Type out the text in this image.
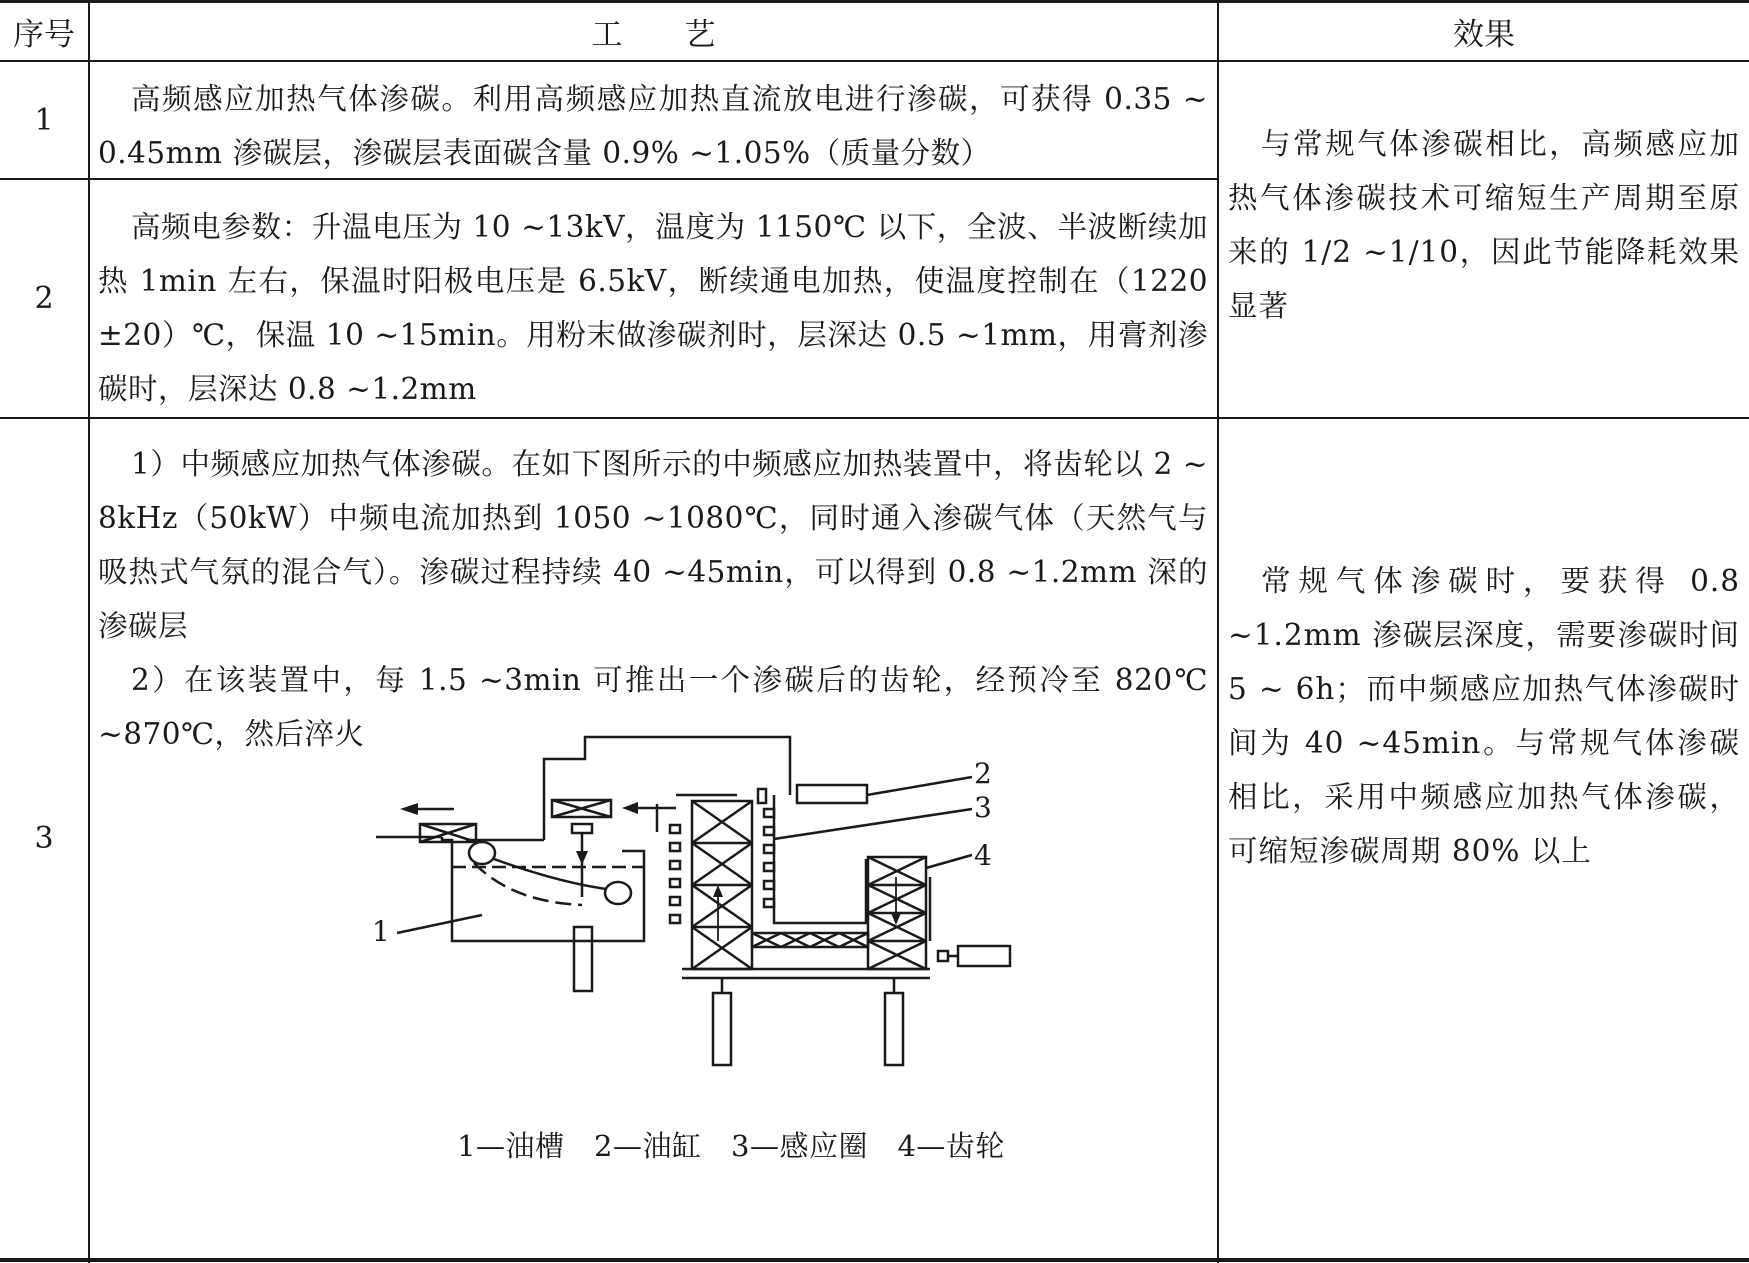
序号	工　　艺	效果
1

高频感应加热气体渗碳。利用高频感应加热直流放电进行渗碳，可获得 0.35 ~ 0.45mm 渗碳层，渗碳层表面碳含量 0.9% ~1.05%（质量分数）

2

高频电参数：升温电压为 10 ~13kV，温度为 1150℃ 以下，全波、半波断续加热 1min 左右，保温时阳极电压是 6.5kV，断续通电加热，使温度控制在（1220 ±20）℃，保温 10 ~15min。用粉末做渗碳剂时，层深达 0.5 ~1mm，用膏剂渗碳时，层深达 0.8 ~1.2mm

与常规气体渗碳相比，高频感应加热气体渗碳技术可缩短生产周期至原来的 1/2 ~1/10，因此节能降耗效果显著

3

1）中频感应加热气体渗碳。在如下图所示的中频感应加热装置中，将齿轮以 2 ~ 8kHz（50kW）中频电流加热到 1050 ~1080℃，同时通入渗碳气体（天然气与吸热式气氛的混合气）。渗碳过程持续 40 ~45min，可以得到 0.8 ~1.2mm 深的渗碳层

2）在该装置中，每 1.5 ~3min 可推出一个渗碳后的齿轮，经预冷至 820℃ ~870℃，然后淬火

常规气体渗碳时，要获得 0.8 ~1.2mm 渗碳层深度，需要渗碳时间 5 ~ 6h；而中频感应加热气体渗碳时间为 40 ~45min。与常规气体渗碳相比，采用中频感应加热气体渗碳，可缩短渗碳周期 80% 以上

1
2
3
4
1—油槽　2—油缸　3—感应圈　4—齿轮
